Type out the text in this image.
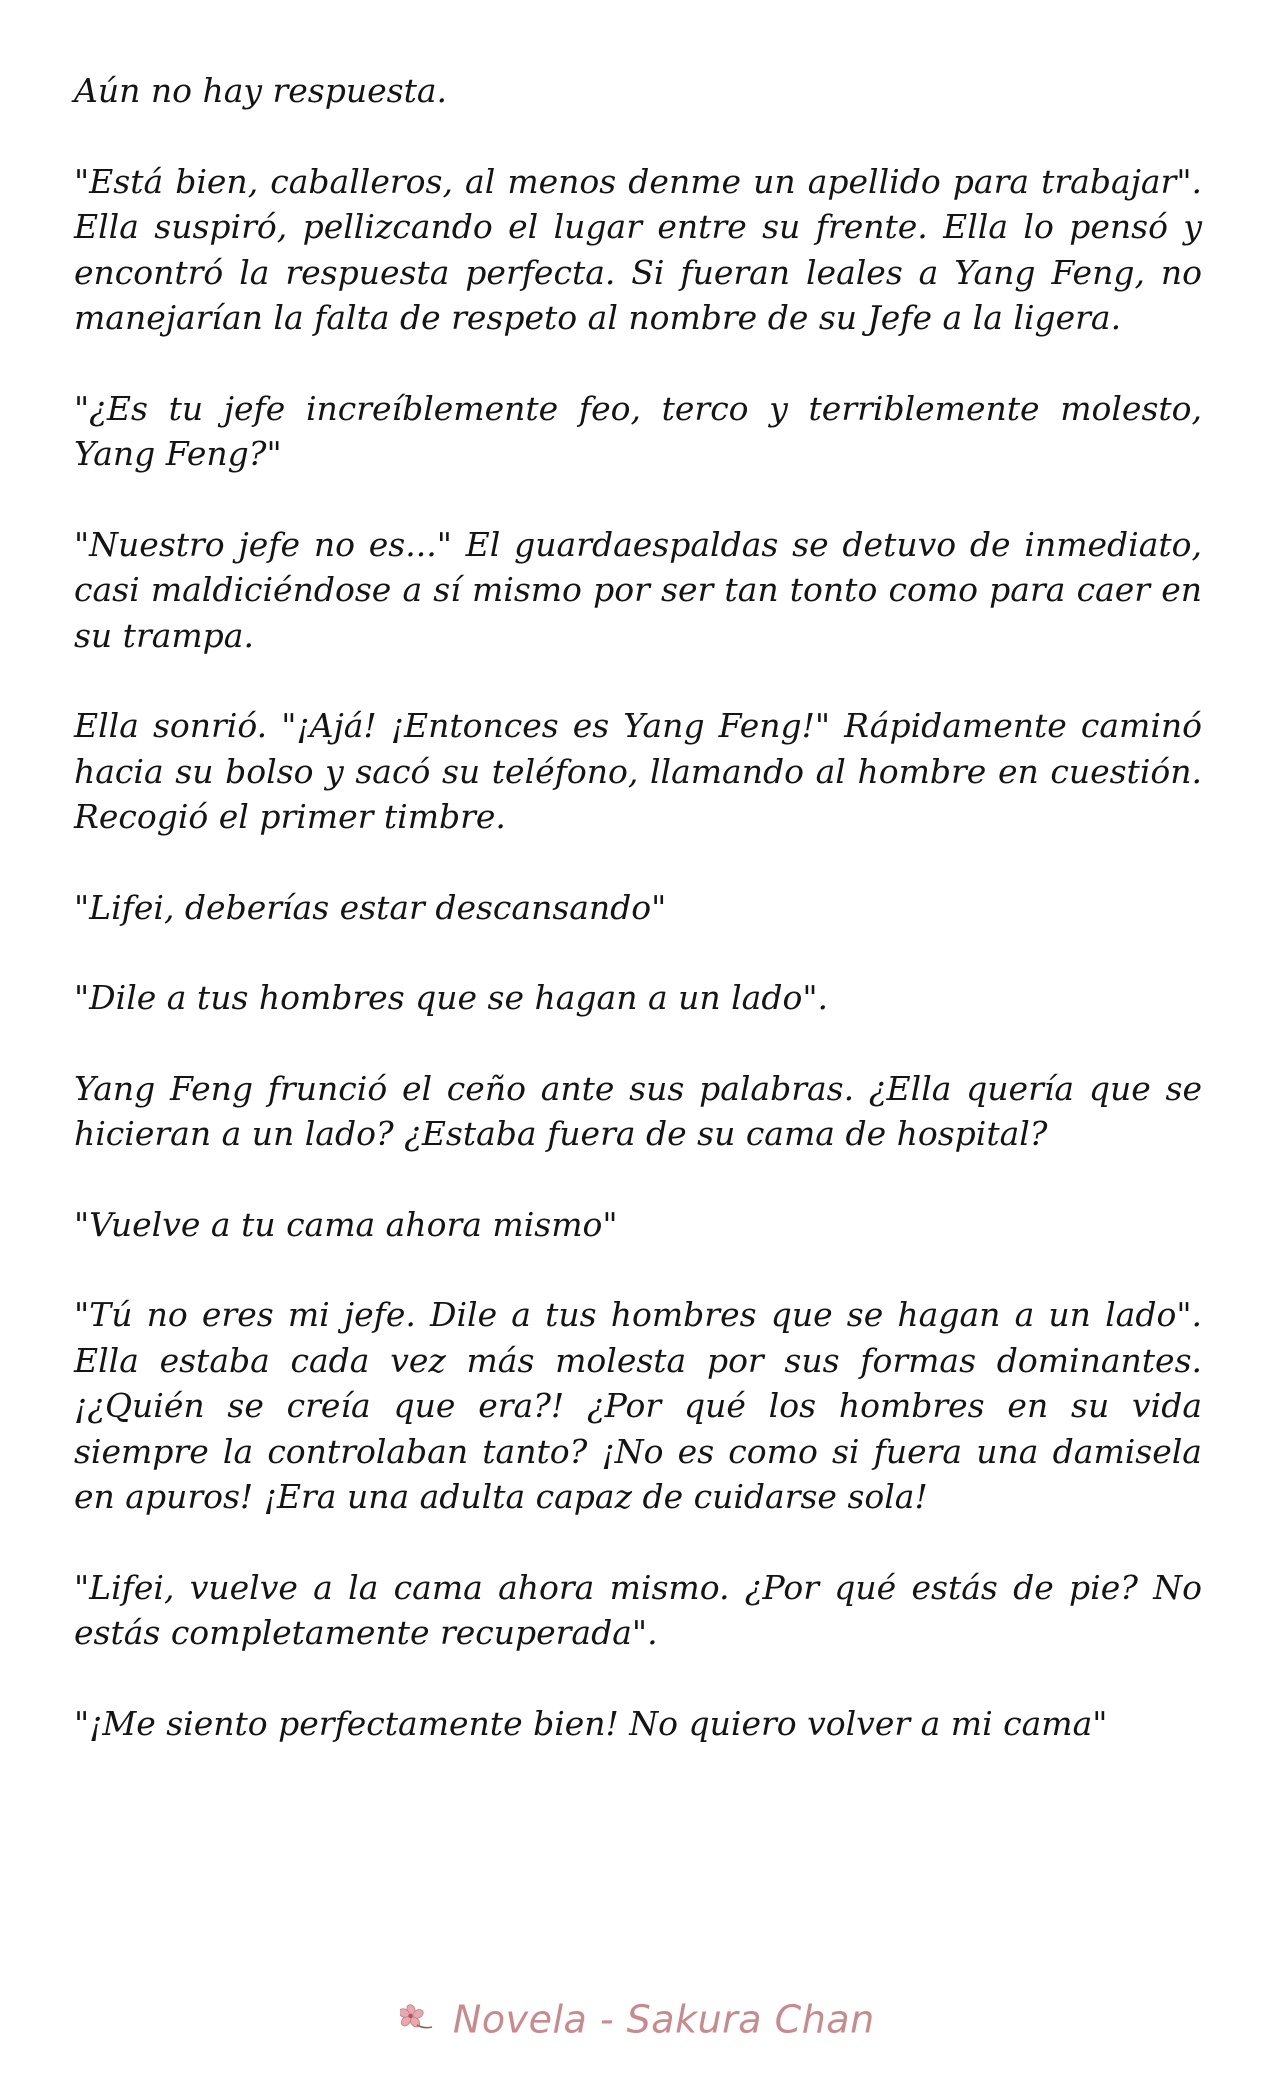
Aún no hay respuesta.

"Está bien, caballeros, al menos denme un apellido para trabajar". Ella suspiró, pellizcando el lugar entre su frente. Ella lo pensó y encontró la respuesta perfecta. Si fueran leales a Yang Feng, no manejarían la falta de respeto al nombre de su Jefe a la ligera.

"¿Es tu jefe increíblemente feo, terco y terriblemente molesto, Yang Feng?"

"Nuestro jefe no es..." El guardaespaldas se detuvo de inmediato, casi maldiciéndose a sí mismo por ser tan tonto como para caer en su trampa.

Ella sonrió. "¡Ajá! ¡Entonces es Yang Feng!" Rápidamente caminó hacia su bolso y sacó su teléfono, llamando al hombre en cuestión. Recogió el primer timbre.

"Lifei, deberías estar descansando"

"Dile a tus hombres que se hagan a un lado".

Yang Feng frunció el ceño ante sus palabras. ¿Ella quería que se hicieran a un lado? ¿Estaba fuera de su cama de hospital?

"Vuelve a tu cama ahora mismo"

"Tú no eres mi jefe. Dile a tus hombres que se hagan a un lado". Ella estaba cada vez más molesta por sus formas dominantes. ¡¿Quién se creía que era?! ¿Por qué los hombres en su vida siempre la controlaban tanto? ¡No es como si fuera una damisela en apuros! ¡Era una adulta capaz de cuidarse sola!

"Lifei, vuelve a la cama ahora mismo. ¿Por qué estás de pie? No estás completamente recuperada".

"¡Me siento perfectamente bien! No quiero volver a mi cama"

Novela - Sakura Chan
